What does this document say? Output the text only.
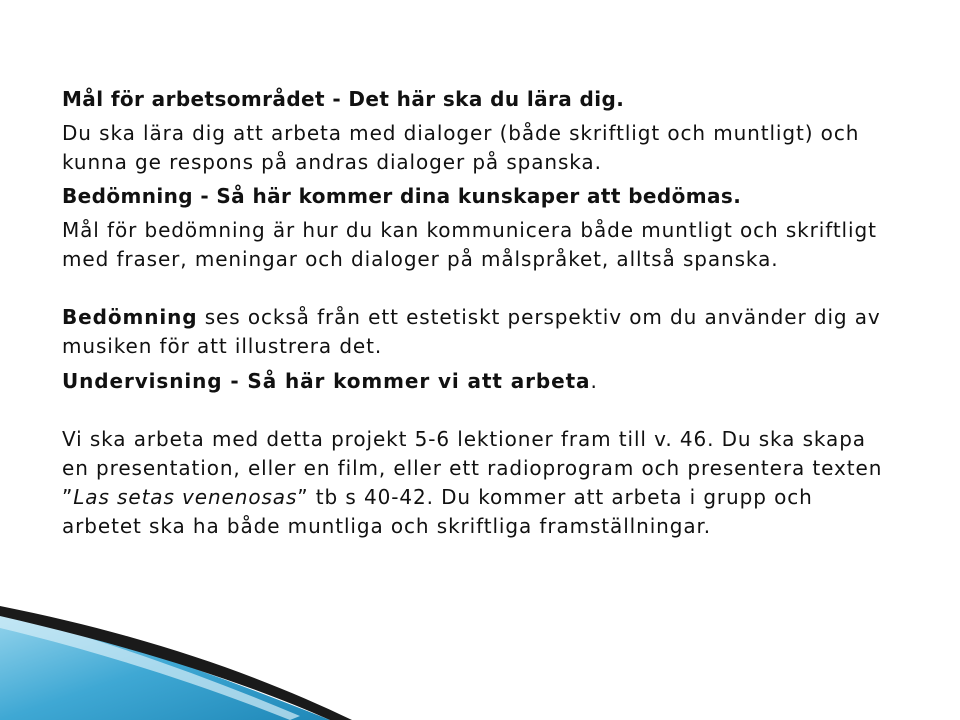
Mål för arbetsområdet - Det här ska du lära dig.

Du ska lära dig att arbeta med dialoger (både skriftligt och muntligt) och kunna ge respons på andras dialoger på spanska.

Bedömning - Så här kommer dina kunskaper att bedömas.

Mål för bedömning är hur du kan kommunicera både muntligt och skriftligt med fraser, meningar och dialoger på målspråket, alltså spanska.

Bedömning ses också från ett estetiskt perspektiv om du använder dig av musiken för att illustrera det.

Undervisning - Så här kommer vi att arbeta.

Vi ska arbeta med detta projekt 5-6 lektioner fram till v. 46. Du ska skapa en presentation, eller en film, eller ett radioprogram och presentera texten ”Las setas venenosas” tb s 40-42. Du kommer att arbeta i grupp och arbetet ska ha både muntliga och skriftliga framställningar.
